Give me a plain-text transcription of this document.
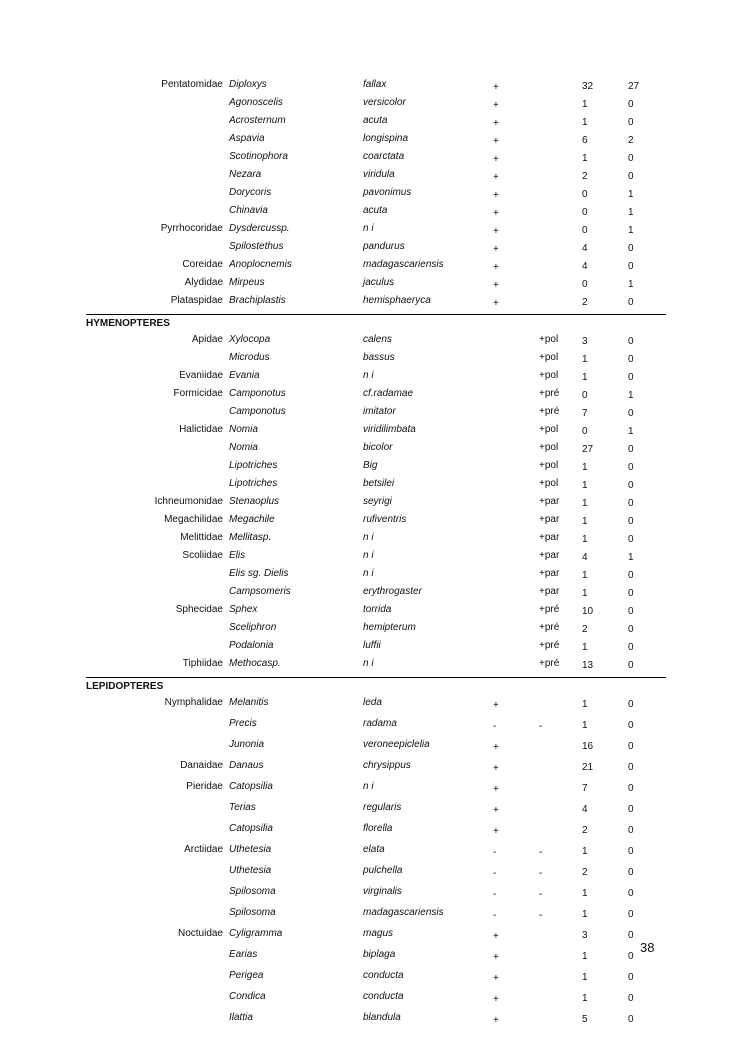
Pentatomidae	Diploxys	fallax	+		32	27
	Agonoscelis	versicolor	+		1	0
	Acrosternum	acuta	+		1	0
	Aspavia	longispina	+		6	2
	Scotinophora	coarctata	+		1	0
	Nezara	viridula	+		2	0
	Dorycoris	pavonimus	+		0	1
	Chinavia	acuta	+		0	1
Pyrrhocoridae	Dysdercussp.	n i	+		0	1
	Spilostethus	pandurus	+		4	0
Coreidae	Anoplocnemis	madagascariensis	+		4	0
Alydidae	Mirpeus	jaculus	+		0	1
Plataspidae	Brachiplastis	hemisphaeryca	+		2	0
HYMENOPTERES						
Apidae	Xylocopa	calens		+pol	3	0
	Microdus	bassus		+pol	1	0
Evaniidae	Evania	n i		+pol	1	0
Formicidae	Camponotus	cf.radamae		+pré	0	1
	Camponotus	imitator		+pré	7	0
Halictidae	Nomia	viridilimbata		+pol	0	1
	Nomia	bicolor		+pol	27	0
	Lipotriches	Big		+pol	1	0
	Lipotriches	betsilei		+pol	1	0
Ichneumonidae	Stenaoplus	seyrigi		+par	1	0
Megachilidae	Megachile	rufiventris		+par	1	0
Melittidae	Mellitasp.	n i		+par	1	0
Scoliidae	Elis	n i		+par	4	1
	Elis sg. Dielis	n i		+par	1	0
	Campsomeris	erythrogaster		+par	1	0
Sphecidae	Sphex	torrida		+pré	10	0
	Sceliphron	hemipterum		+pré	2	0
	Podalonia	luffii		+pré	1	0
Tiphiidae	Methocasp.	n i		+pré	13	0
LEPIDOPTERES						
Nymphalidae	Melanitis	leda	+		1	0
	Precis	radama	-	-	1	0
	Junonia	veroneepiclelia	+		16	0
Danaidae	Danaus	chrysippus	+		21	0
Pieridae	Catopsilia	n i	+		7	0
	Terias	regularis	+		4	0
	Catopsilia	florella	+		2	0
Arctiidae	Uthetesia	elata	-	-	1	0
	Uthetesia	pulchella	-	-	2	0
	Spilosoma	virginalis	-	-	1	0
	Spilosoma	madagascariensis	-	-	1	0
Noctuidae	Cyligramma	magus	+		3	0
	Earias	biplaga	+		1	0
	Perigea	conducta	+		1	0
	Condica	conducta	+		1	0
	Ilattia	blandula	+		5	0
38
